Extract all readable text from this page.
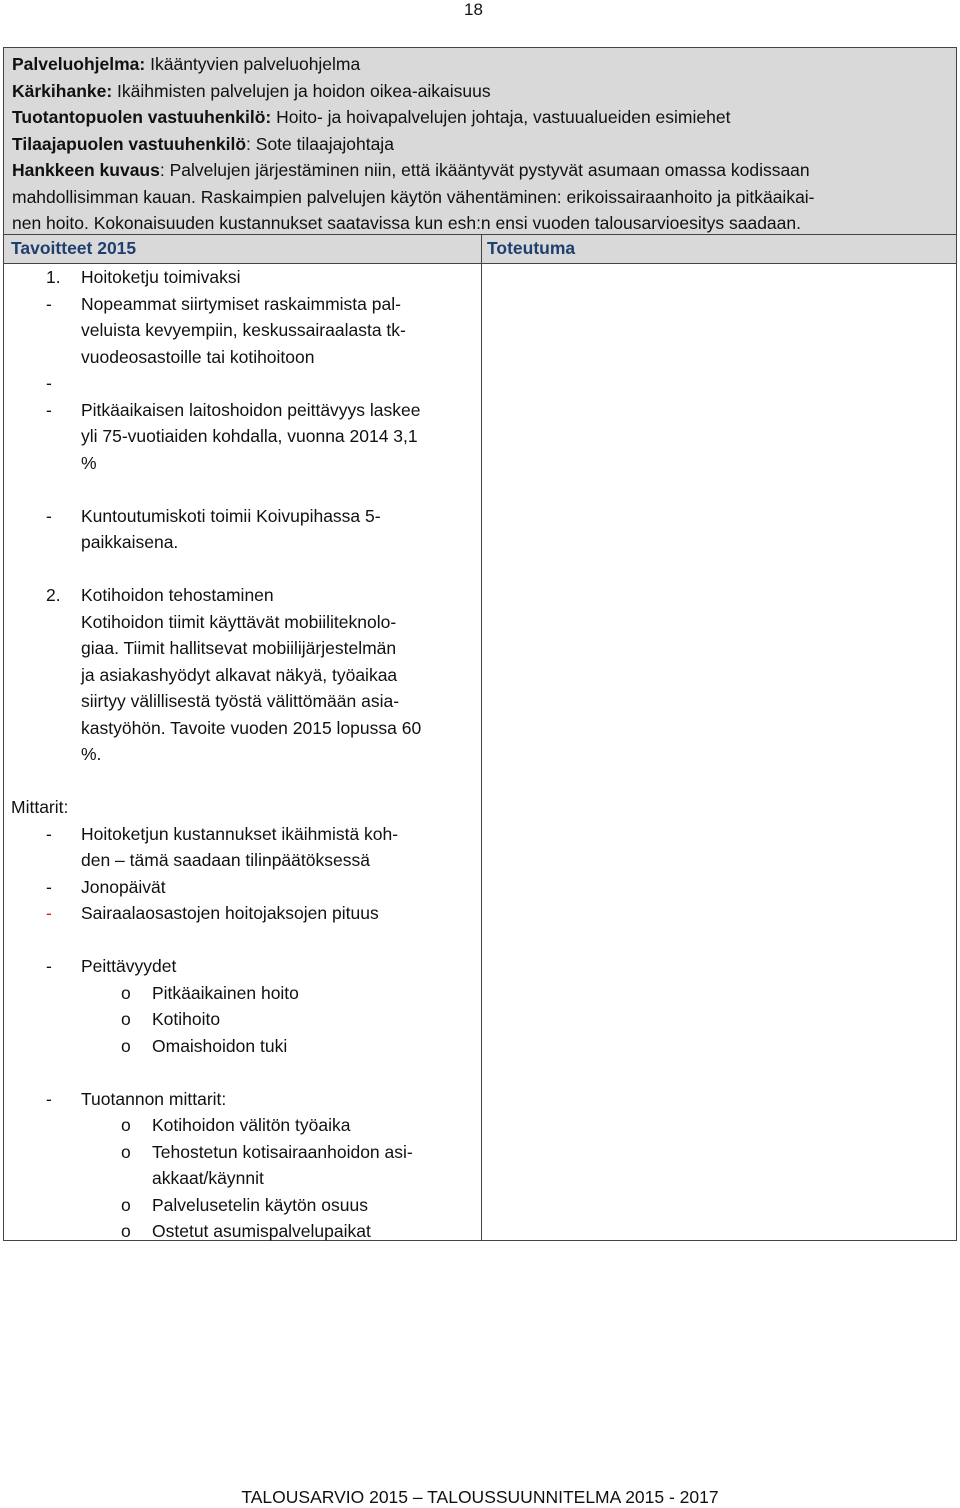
18
Palveluohjelma: Ikääntyvien palveluohjelma
Kärkihanke: Ikäihmisten palvelujen ja hoidon oikea-aikaisuus
Tuotantopuolen vastuuhenkilö: Hoito- ja hoivapalvelujen johtaja, vastuualueiden esimiehet
Tilaajapuolen vastuuhenkilö: Sote tilaajajohtaja
Hankkeen kuvaus: Palvelujen järjestäminen niin, että ikääntyvät pystyvät asumaan omassa kodissaan
mahdollisimman kauan. Raskaimpien palvelujen käytön vähentäminen: erikoissairaanhoito ja pitkäaikai-
nen hoito. Kokonaisuuden kustannukset saatavissa kun esh:n ensi vuoden talousarvioesitys saadaan.
Tavoitteet 2015	Toteutuma
1. Hoitoketju toimivaksi
- Nopeammat siirtymiset raskaimmista pal-
veluista kevyempiin, keskussairaalasta tk-
vuodeosastoille tai kotihoitoon
-
- Pitkäaikaisen laitoshoidon peittävyys laskee
yli 75-vuotiaiden kohdalla, vuonna 2014 3,1
%
- Kuntoutumiskoti toimii Koivupihassa 5-
paikkaisena.
2. Kotihoidon tehostaminen
Kotihoidon tiimit käyttävät mobiiliteknolo-
giaa. Tiimit hallitsevat mobiilijärjestelmän
ja asiakashyödyt alkavat näkyä, työaikaa
siirtyy välillisestä työstä välittömään asia-
kastyöhön. Tavoite vuoden 2015 lopussa 60
%.
Mittarit:
- Hoitoketjun kustannukset ikäihmistä koh-
den – tämä saadaan tilinpäätöksessä
- Jonopäivät
- Sairaalaosastojen hoitojaksojen pituus
- Peittävyydet
o Pitkäaikainen hoito
o Kotihoito
o Omaishoidon tuki
- Tuotannon mittarit:
o Kotihoidon välitön työaika
o Tehostetun kotisairaanhoidon asi-
akkaat/käynnit
o Palvelusetelin käytön osuus
o Ostetut asumispalvelupaikat
TALOUSARVIO 2015 – TALOUSSUUNNITELMA 2015 - 2017
